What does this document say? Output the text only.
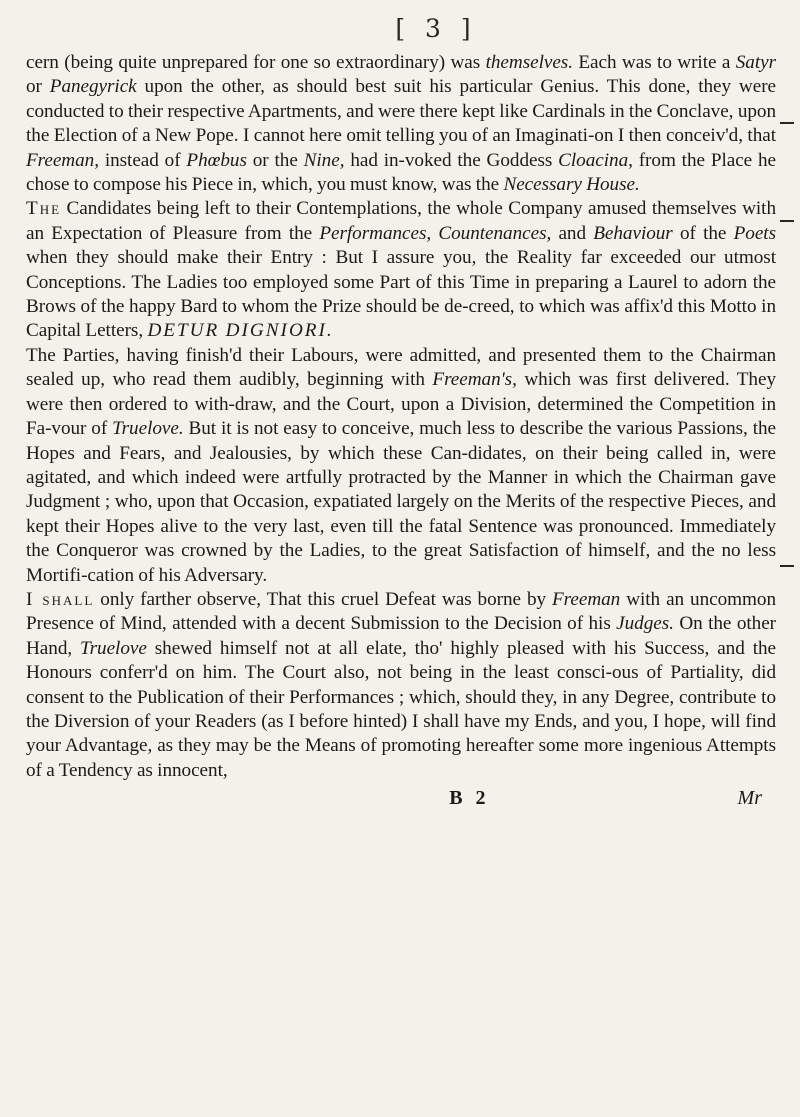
[ 3 ]

cern (being quite unprepared for one so extraordinary) was themselves. Each was to write a Satyr or Panegyrick upon the other, as should best suit his particular Genius. This done, they were conducted to their respective Apartments, and were there kept like Cardinals in the Conclave, upon the Election of a New Pope. I cannot here omit telling you of an Imaginati-on I then conceiv'd, that Freeman, instead of Phœbus or the Nine, had in-voked the Goddess Cloacina, from the Place he chose to compose his Piece in, which, you must know, was the Necessary House.

The Candidates being left to their Contemplations, the whole Company amused themselves with an Expectation of Pleasure from the Performances, Countenances, and Behaviour of the Poets when they should make their Entry : But I assure you, the Reality far exceeded our utmost Conceptions. The Ladies too employed some Part of this Time in preparing a Laurel to adorn the Brows of the happy Bard to whom the Prize should be de-creed, to which was affix'd this Motto in Capital Letters, DETUR DIGNIORI.

The Parties, having finish'd their Labours, were admitted, and presented them to the Chairman sealed up, who read them audibly, beginning with Freeman's, which was first delivered. They were then ordered to with-draw, and the Court, upon a Division, determined the Competition in Fa-vour of Truelove. But it is not easy to conceive, much less to describe the various Passions, the Hopes and Fears, and Jealousies, by which these Can-didates, on their being called in, were agitated, and which indeed were artfully protracted by the Manner in which the Chairman gave Judgment ; who, upon that Occasion, expatiated largely on the Merits of the respective Pieces, and kept their Hopes alive to the very last, even till the fatal Sentence was pronounced. Immediately the Conqueror was crowned by the Ladies, to the great Satisfaction of himself, and the no less Mortifi-cation of his Adversary.

I shall only farther observe, That this cruel Defeat was borne by Freeman with an uncommon Presence of Mind, attended with a decent Submission to the Decision of his Judges. On the other Hand, Truelove shewed himself not at all elate, tho' highly pleased with his Success, and the Honours conferr'd on him. The Court also, not being in the least consci-ous of Partiality, did consent to the Publication of their Performances ; which, should they, in any Degree, contribute to the Diversion of your Readers (as I before hinted) I shall have my Ends, and you, I hope, will find your Advantage, as they may be the Means of promoting hereafter some more ingenious Attempts of a Tendency as innocent,

B 2	Mr
